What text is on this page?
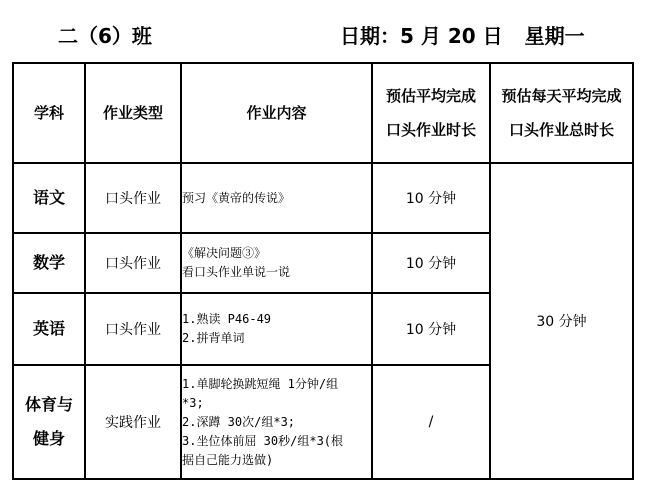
二（6）班	日期：5 月 20 日 星期一
学科	作业类型	作业内容	预估平均完成
口头作业时长	预估每天平均完成
口头作业总时长

语文	口头作业	预习《黄帝的传说》	10 分钟	30 分钟

数学	口头作业	《解决问题③》
看口头作业单说一说	10 分钟	

英语	口头作业	1.熟读 P46-49
2.拼背单词	10 分钟	

体育与
健身	实践作业	1.单脚轮换跳短绳 1分钟/组
*3;
2.深蹲 30次/组*3;
3.坐位体前屈 30秒/组*3(根
据自己能力选做)	/	
